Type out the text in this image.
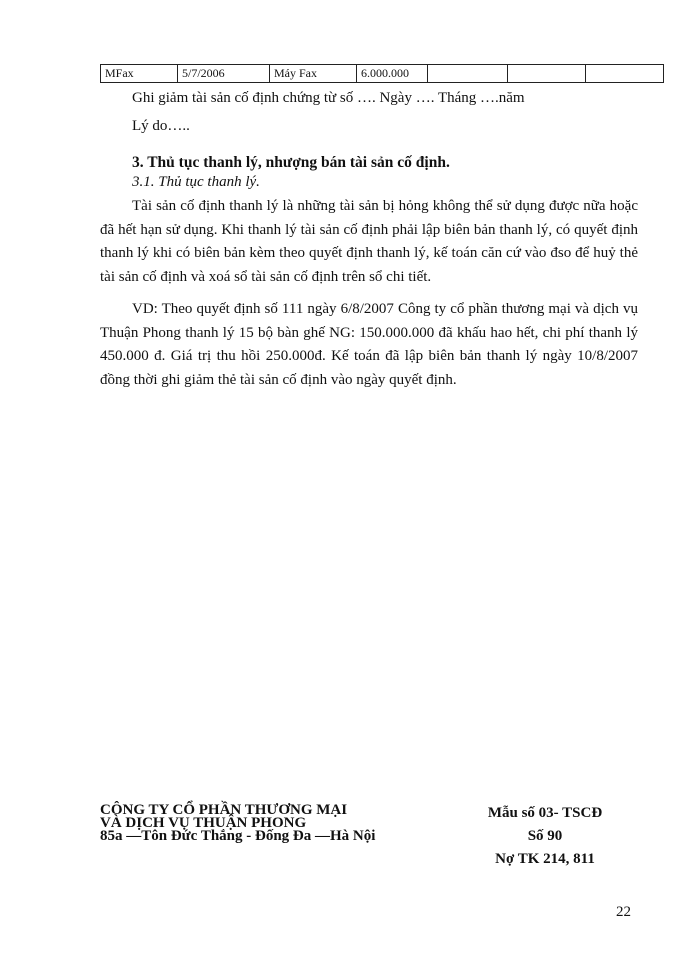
MFax	5/7/2006	Máy Fax	6.000.000			

Ghi giảm tài sản cố định chứng từ số …. Ngày …. Tháng ….năm

Lý do…..

3. Thủ tục thanh lý, nhượng bán tài sản cố định.

3.1. Thủ tục thanh lý.

Tài sản cố định thanh lý là những tài sản bị hỏng không thể sử dụng được nữa hoặc đã hết hạn sử dụng. Khi thanh lý tài sản cố định phải lập biên bản thanh lý, có quyết định thanh lý khi có biên bản kèm theo quyết định thanh lý, kế toán căn cứ vào đso để huỷ thẻ tài sản cố định và xoá sổ tài sản cố định trên sổ chi tiết.

VD: Theo quyết định số 111 ngày 6/8/2007 Công ty cổ phần thương mại và dịch vụ Thuận Phong thanh lý 15 bộ bàn ghế NG: 150.000.000 đã khấu hao hết, chi phí thanh lý 450.000 đ. Giá trị thu hồi 250.000đ. Kế toán đã lập biên bản thanh lý ngày 10/8/2007 đồng thời ghi giảm thẻ tài sản cố định vào ngày quyết định.

CÔNG TY CỔ PHẦN THƯƠNG MẠI
VÀ DỊCH VỤ THUẬN PHONG
85a —Tôn Đức Thắng - Đống Đa —Hà Nội
Mẫu số 03- TSCĐ
Số 90
Nợ TK 214, 811
22
